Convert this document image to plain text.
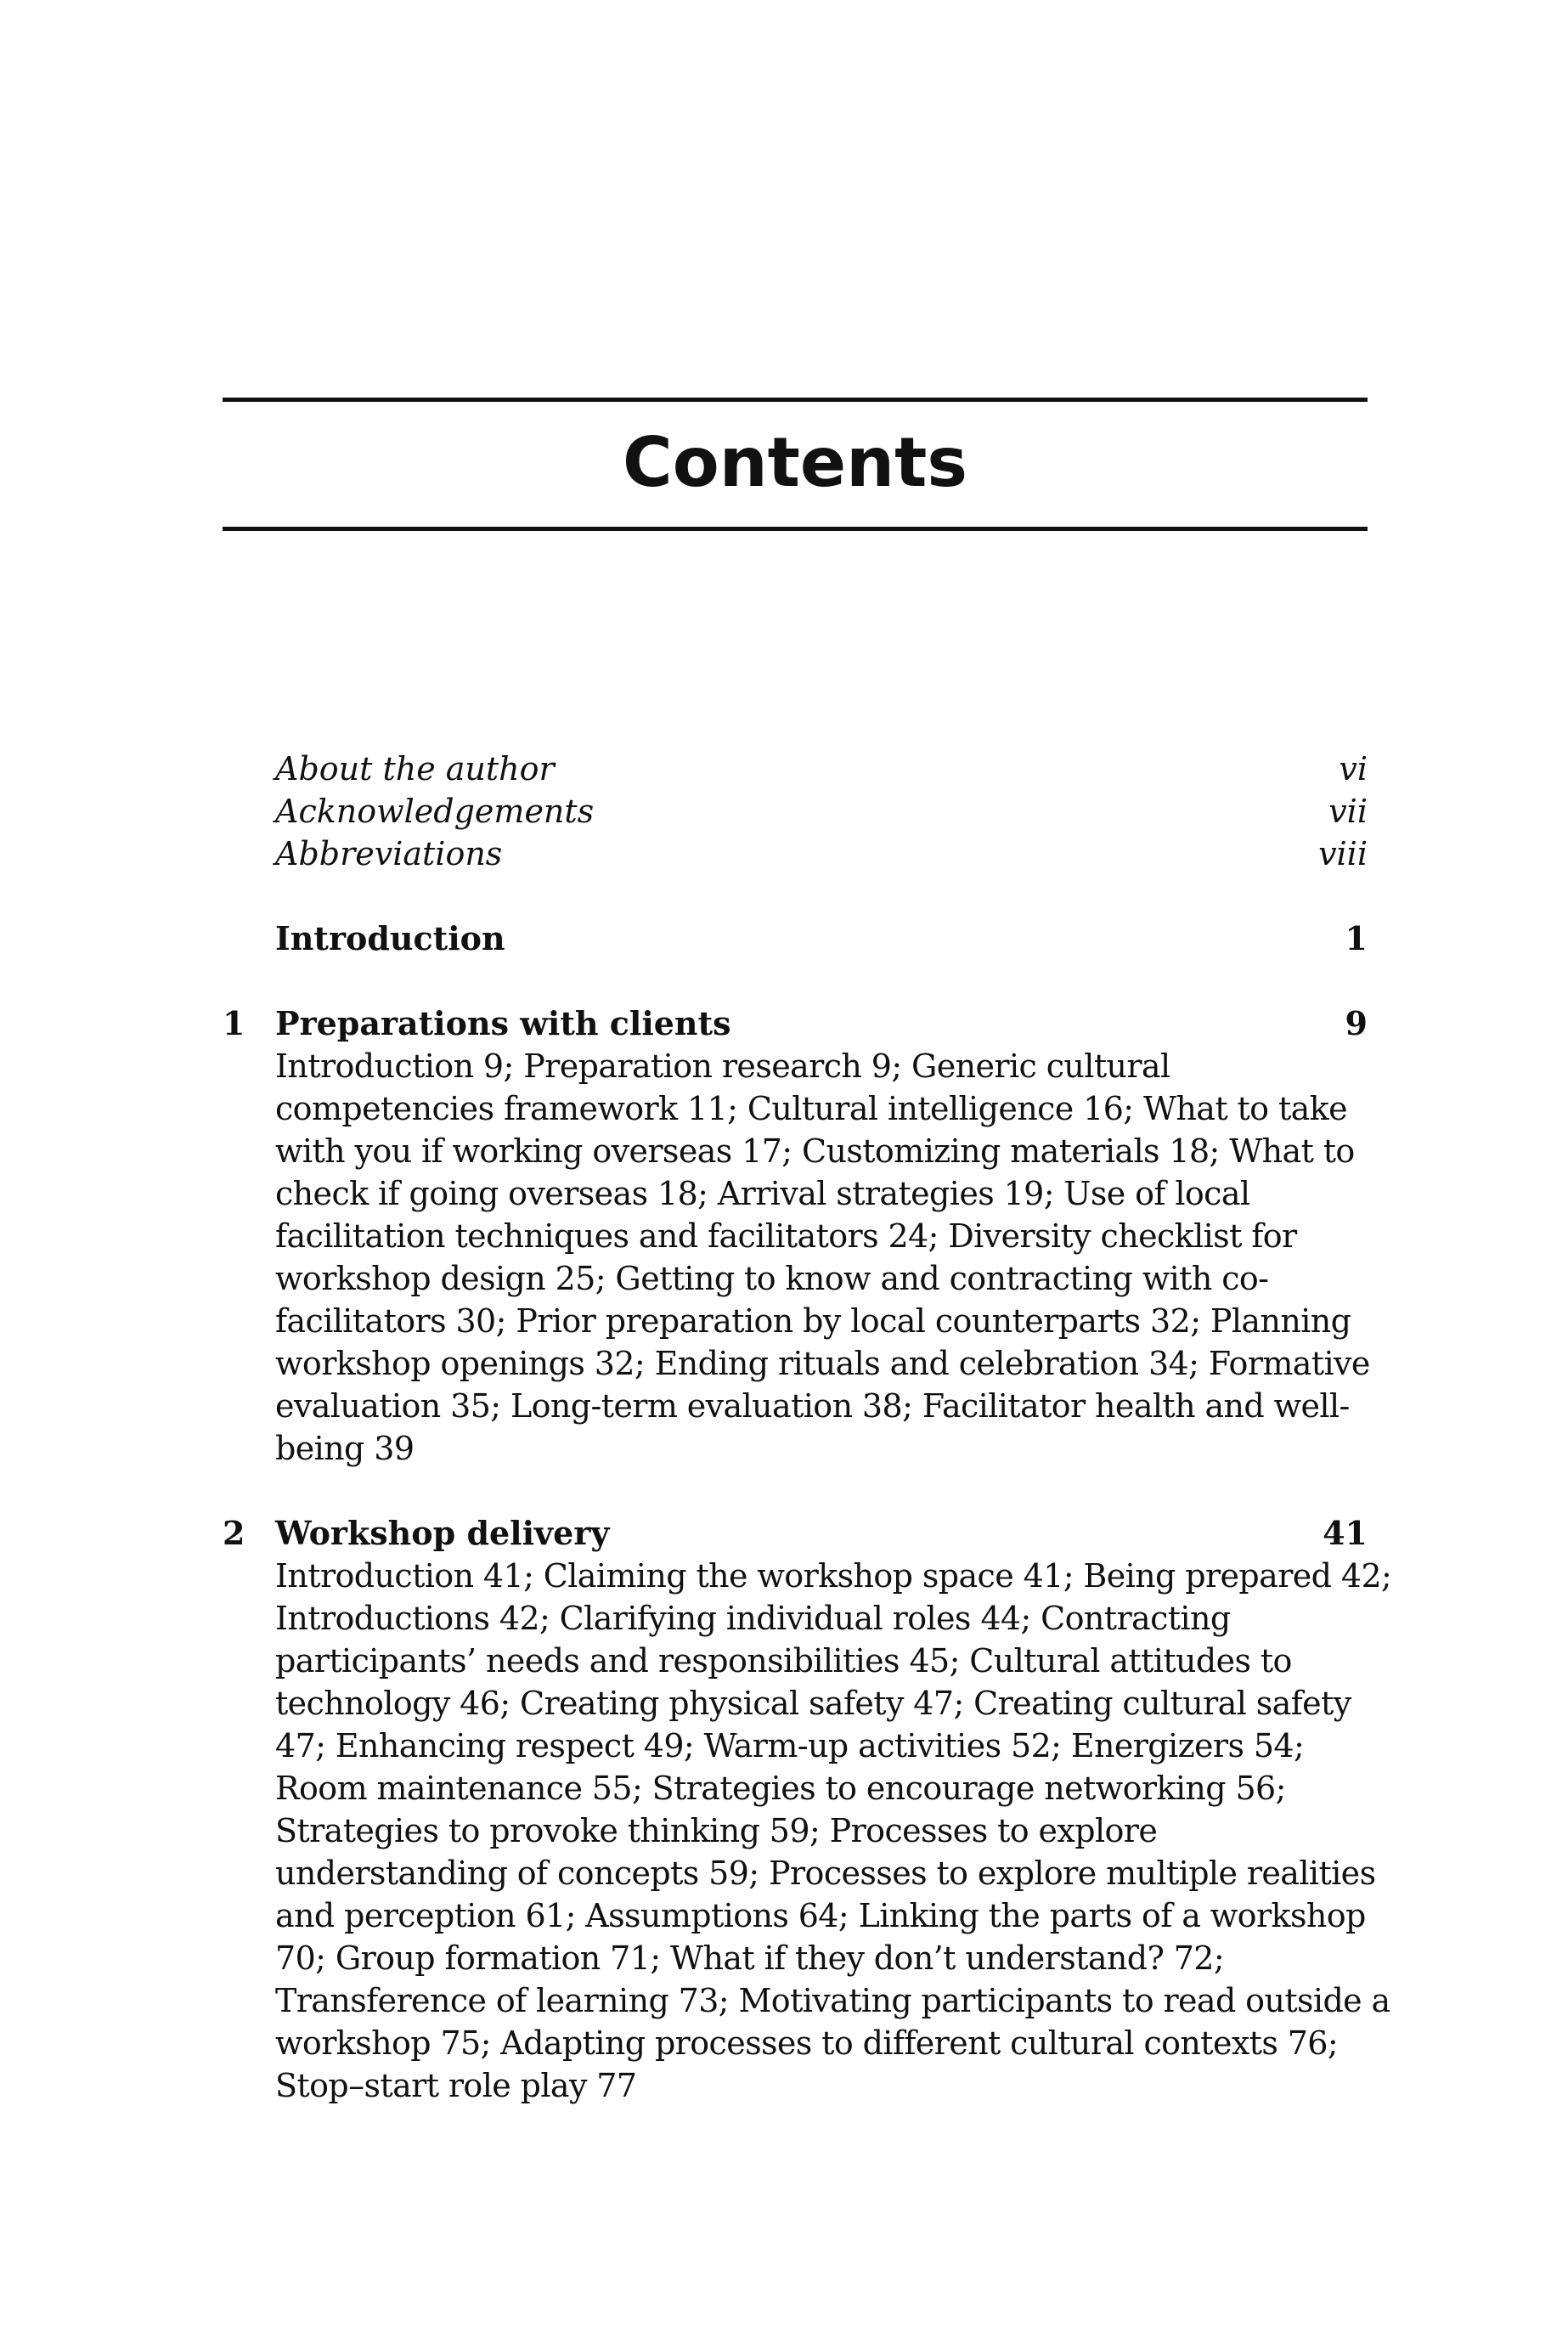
Contents
About the author	vi
Acknowledgements	vii
Abbreviations	viii
Introduction	1
1 Preparations with clients	9

Introduction 9; Preparation research 9; Generic cultural competencies framework 11; Cultural intelligence 16; What to take with you if working overseas 17; Customizing materials 18; What to check if going overseas 18; Arrival strategies 19; Use of local facilitation techniques and facilitators 24; Diversity checklist for workshop design 25; Getting to know and contracting with co-facilitators 30; Prior preparation by local counterparts 32; Planning workshop openings 32; Ending rituals and celebration 34; Formative evaluation 35; Long-term evaluation 38; Facilitator health and well-being 39

2 Workshop delivery	41

Introduction 41; Claiming the workshop space 41; Being prepared 42; Introductions 42; Clarifying individual roles 44; Contracting participants’ needs and responsibilities 45; Cultural attitudes to technology 46; Creating physical safety 47; Creating cultural safety 47; Enhancing respect 49; Warm-up activities 52; Energizers 54; Room maintenance 55; Strategies to encourage networking 56; Strategies to provoke thinking 59; Processes to explore understanding of concepts 59; Processes to explore multiple realities and perception 61; Assumptions 64; Linking the parts of a workshop 70; Group formation 71; What if they don’t understand? 72; Transference of learning 73; Motivating participants to read outside a workshop 75; Adapting processes to different cultural contexts 76; Stop–start role play 77
